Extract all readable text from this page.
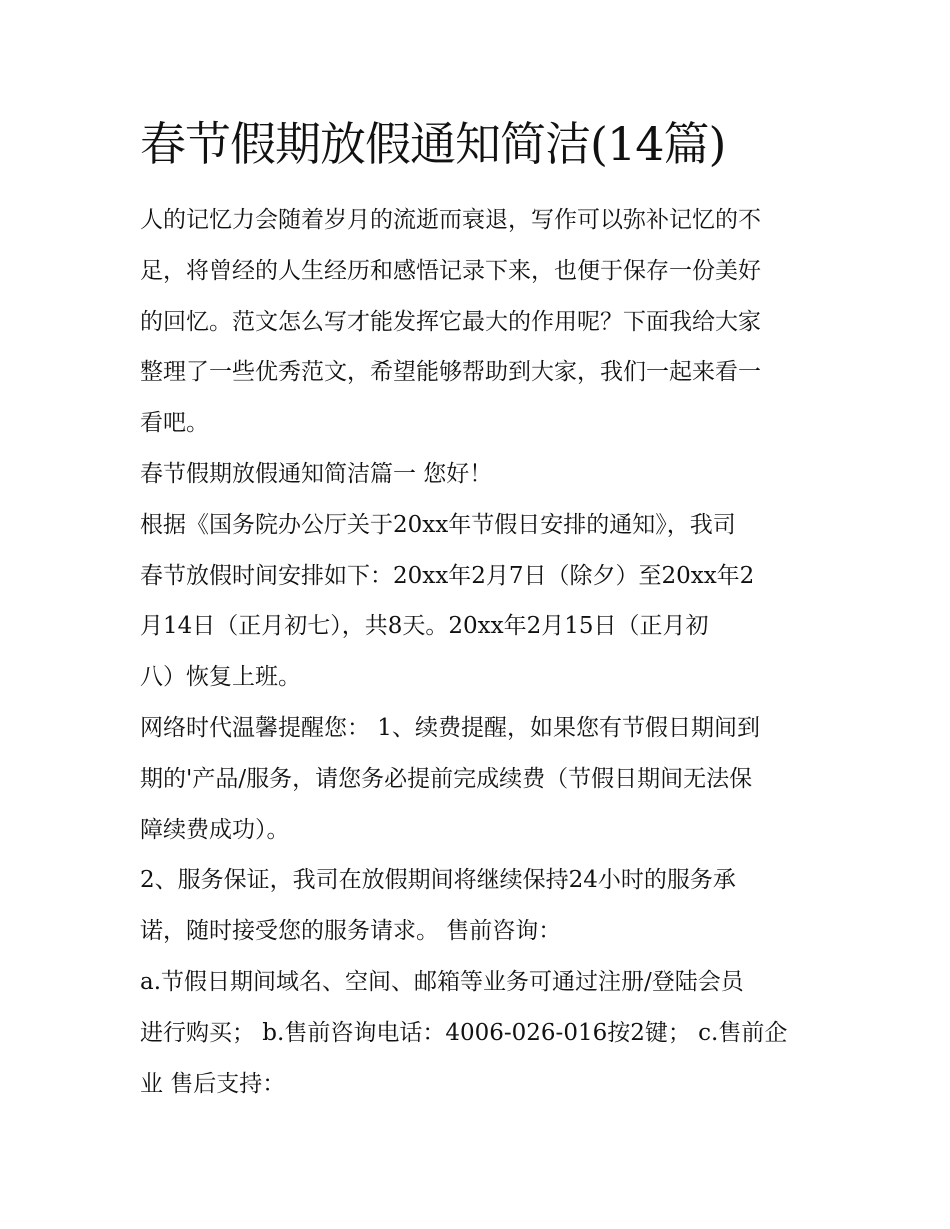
春节假期放假通知简洁(14篇)
人的记忆力会随着岁月的流逝而衰退，写作可以弥补记忆的不
足，将曾经的人生经历和感悟记录下来，也便于保存一份美好
的回忆。范文怎么写才能发挥它最大的作用呢？下面我给大家
整理了一些优秀范文，希望能够帮助到大家，我们一起来看一
看吧。
春节假期放假通知简洁篇一 您好！
根据《国务院办公厅关于20xx年节假日安排的通知》，我司
春节放假时间安排如下：20xx年2月7日（除夕）至20xx年2
月14日（正月初七），共8天。20xx年2月15日（正月初
八）恢复上班。
网络时代温馨提醒您： 1、续费提醒，如果您有节假日期间到
期的'产品/服务，请您务必提前完成续费（节假日期间无法保
障续费成功）。
2、服务保证，我司在放假期间将继续保持24小时的服务承
诺，随时接受您的服务请求。 售前咨询：
a.节假日期间域名、空间、邮箱等业务可通过注册/登陆会员
进行购买； b.售前咨询电话：4006-026-016按2键； c.售前企
业 售后支持：
